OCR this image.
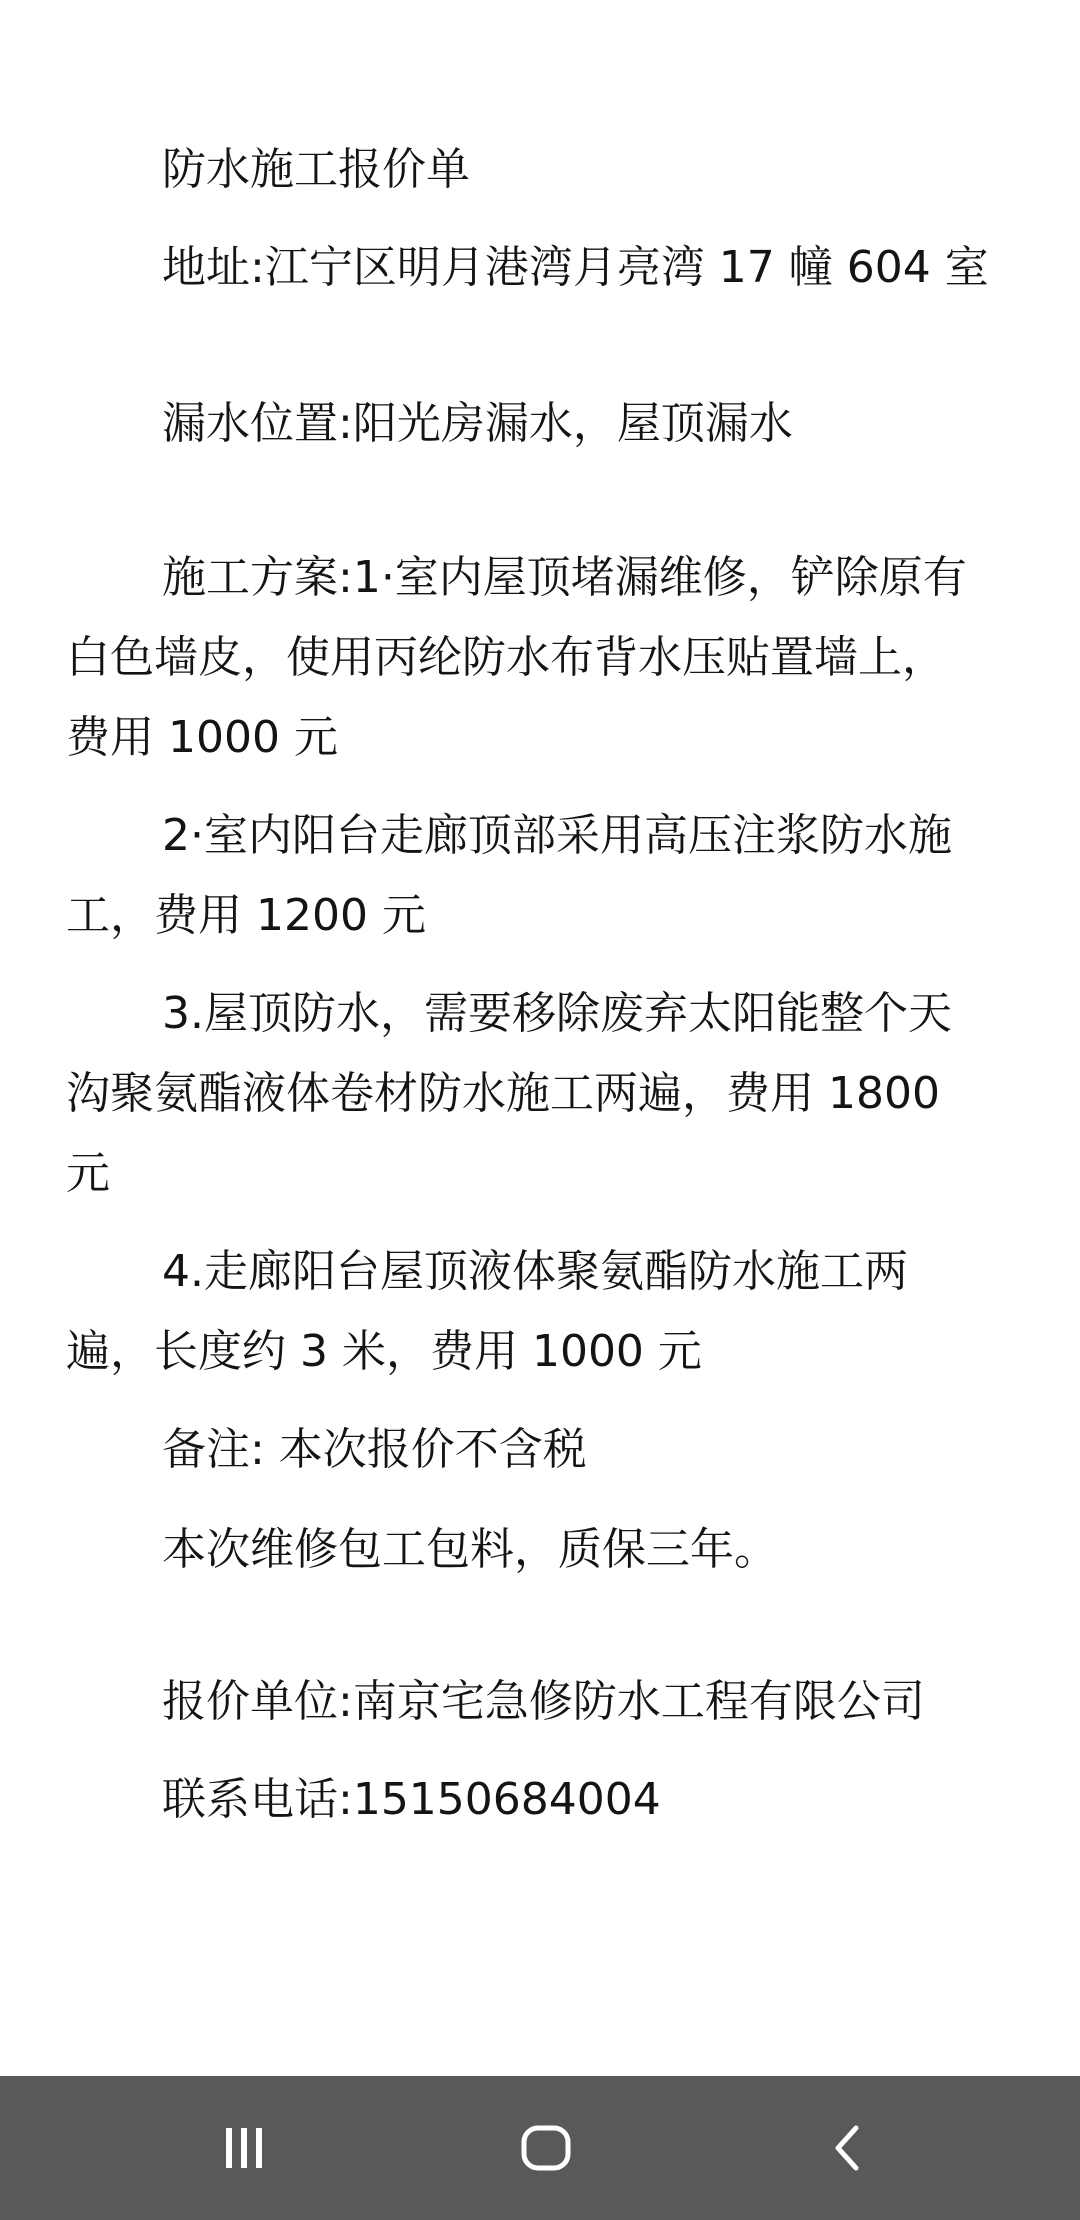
防水施工报价单
地址:江宁区明月港湾月亮湾 17 幢 604 室
漏水位置:阳光房漏水，屋顶漏水
施工方案:1·室内屋顶堵漏维修，铲除原有
白色墙皮，使用丙纶防水布背水压贴置墙上，
费用 1000 元
2·室内阳台走廊顶部采用高压注浆防水施
工，费用 1200 元
3.屋顶防水，需要移除废弃太阳能整个天
沟聚氨酯液体卷材防水施工两遍，费用 1800
元
4.走廊阳台屋顶液体聚氨酯防水施工两
遍，长度约 3 米，费用 1000 元
备注: 本次报价不含税
本次维修包工包料，质保三年。
报价单位:南京宅急修防水工程有限公司
联系电话:15150684004
